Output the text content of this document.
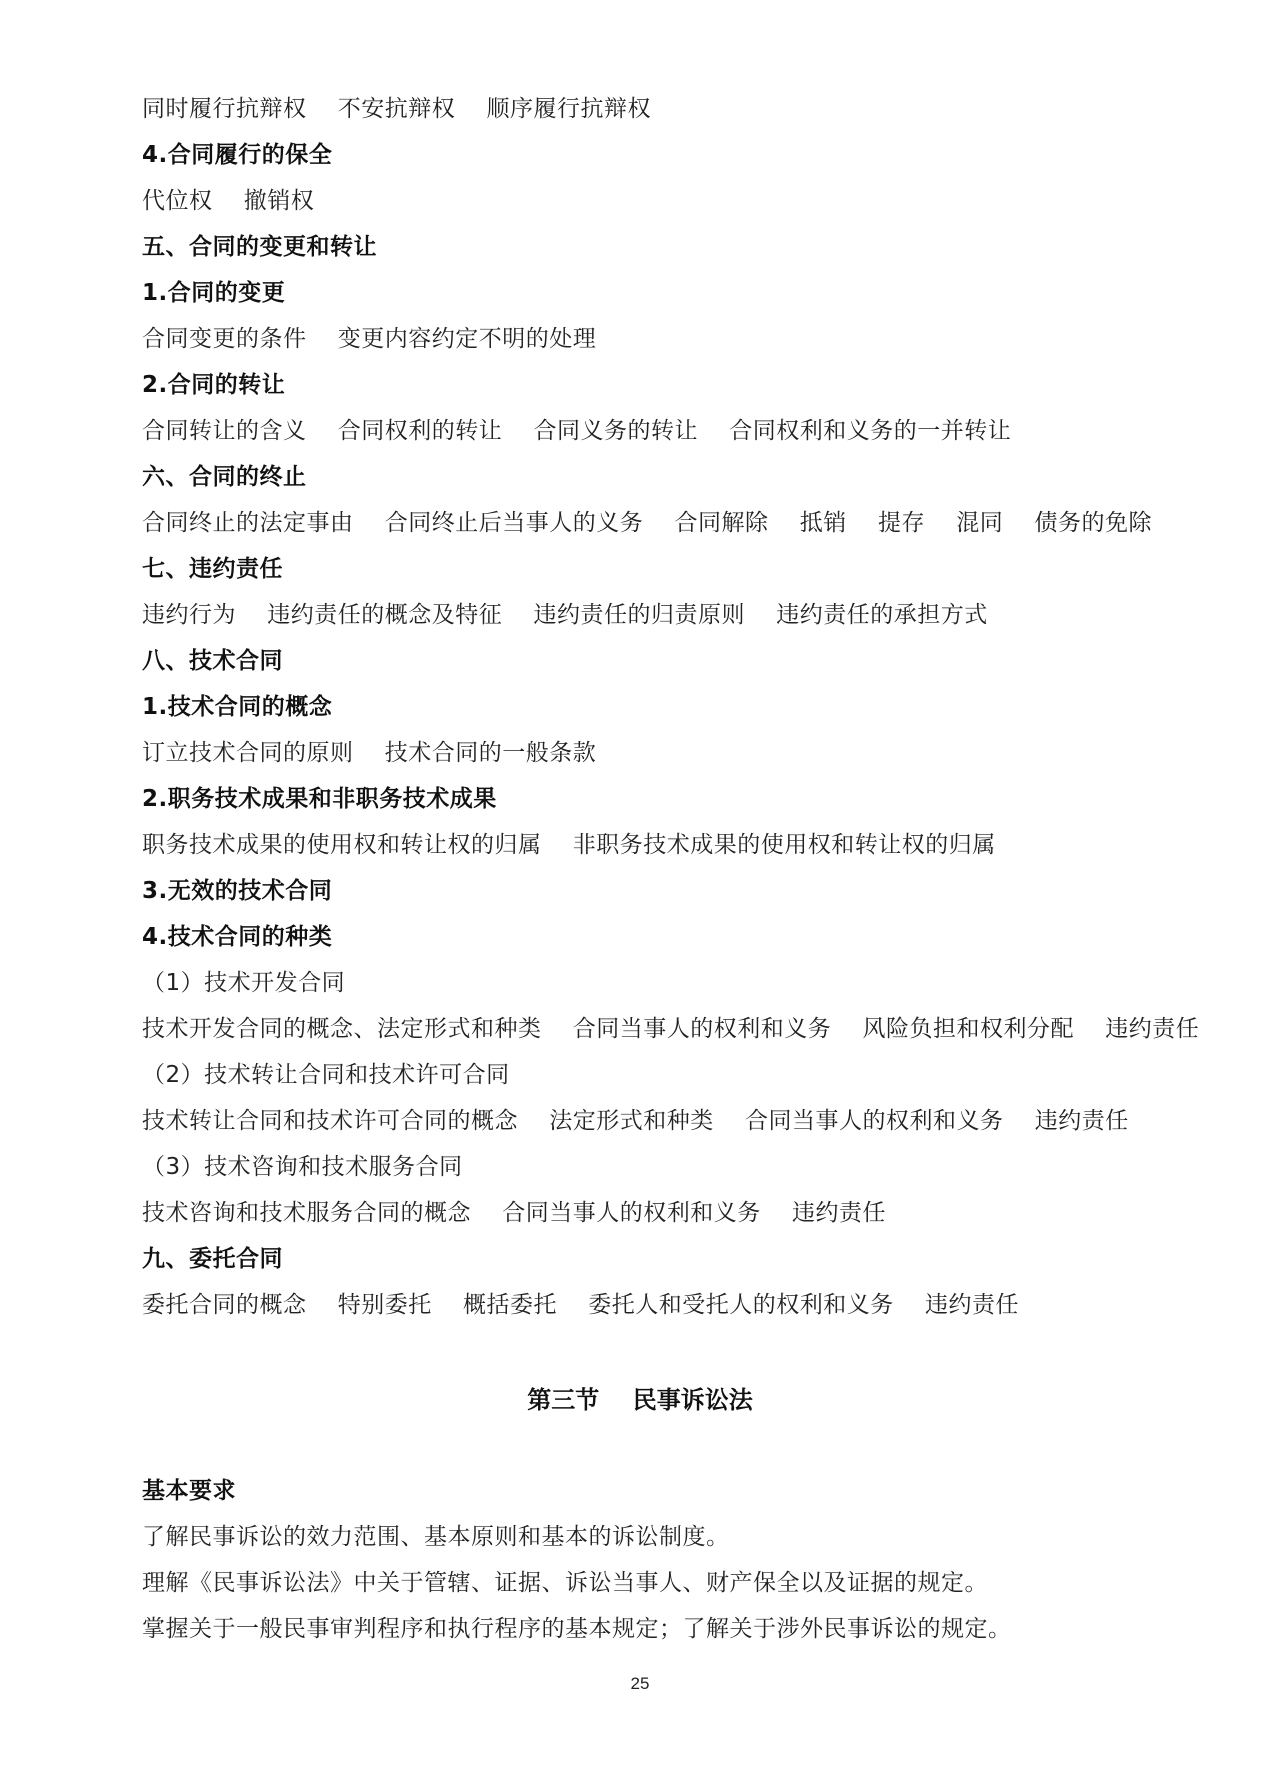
同时履行抗辩权    不安抗辩权    顺序履行抗辩权
4.合同履行的保全
代位权    撤销权
五、合同的变更和转让
1.合同的变更
合同变更的条件    变更内容约定不明的处理
2.合同的转让
合同转让的含义    合同权利的转让    合同义务的转让    合同权利和义务的一并转让
六、合同的终止
合同终止的法定事由    合同终止后当事人的义务    合同解除    抵销    提存    混同    债务的免除
七、违约责任
违约行为    违约责任的概念及特征    违约责任的归责原则    违约责任的承担方式
八、技术合同
1.技术合同的概念
订立技术合同的原则    技术合同的一般条款
2.职务技术成果和非职务技术成果
职务技术成果的使用权和转让权的归属    非职务技术成果的使用权和转让权的归属
3.无效的技术合同
4.技术合同的种类
（1）技术开发合同
技术开发合同的概念、法定形式和种类    合同当事人的权利和义务    风险负担和权利分配    违约责任
（2）技术转让合同和技术许可合同
技术转让合同和技术许可合同的概念    法定形式和种类    合同当事人的权利和义务    违约责任
（3）技术咨询和技术服务合同
技术咨询和技术服务合同的概念    合同当事人的权利和义务    违约责任
九、委托合同
委托合同的概念    特别委托    概括委托    委托人和受托人的权利和义务    违约责任
第三节    民事诉讼法
基本要求
了解民事诉讼的效力范围、基本原则和基本的诉讼制度。
理解《民事诉讼法》中关于管辖、证据、诉讼当事人、财产保全以及证据的规定。
掌握关于一般民事审判程序和执行程序的基本规定；了解关于涉外民事诉讼的规定。
25
